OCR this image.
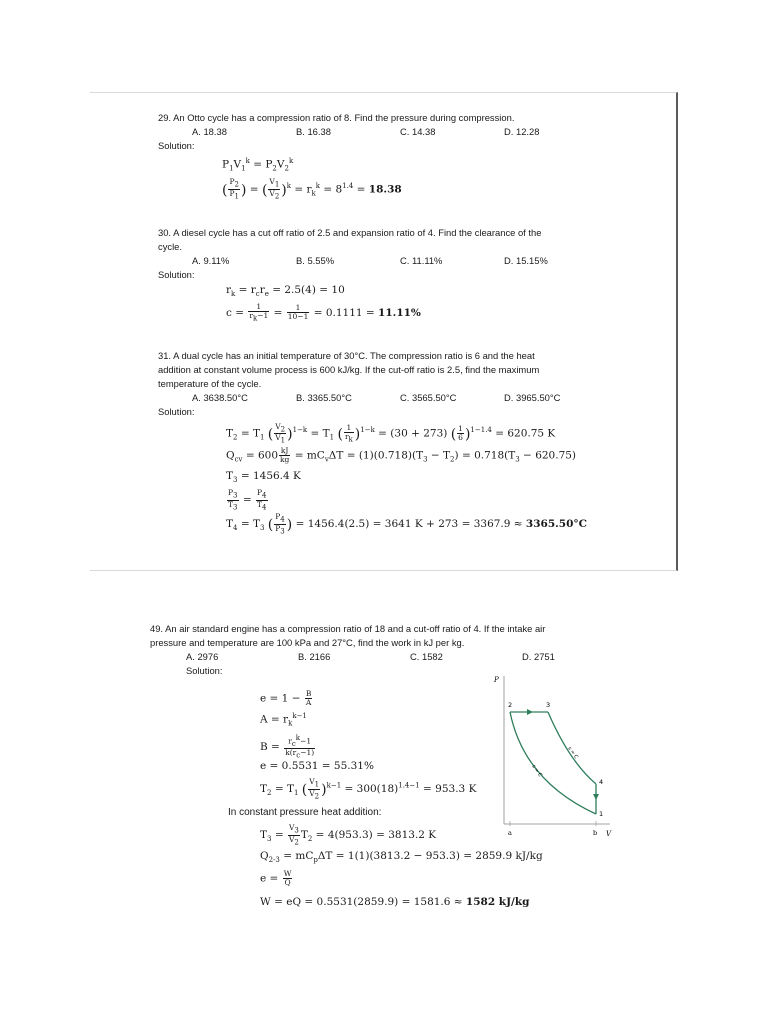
29. An Otto cycle has a compression ratio of 8. Find the pressure during compression.

A. 18.38	B. 16.38	C. 14.38	D. 12.28

Solution:

$P_1V_1^k = P_2V_2^k$
( $\frac{P_2}{P_1}$ ) = ( $\frac{V_1}{V_2} )^k = r_k^k = 8^{1.4} = 18.38$

30. A diesel cycle has a cut off ratio of 2.5 and expansion ratio of 4. Find the clearance of the

cycle.

A. 9.11%	B. 5.55%	C. 11.11%	D. 15.15%

Solution:

$r_k = r_cr_e = 2.5(4) = 10$
$c = \frac{1}{r_k-1} = \frac{1}{10-1} = 0.1111 = 11.11\%$

31. A dual cycle has an initial temperature of 30°C. The compression ratio is 6 and the heat

addition at constant volume process is 600 kJ/kg. If the cut-off ratio is 2.5, find the maximum

temperature of the cycle.

A. 3638.50°C	B. 3365.50°C	C. 3565.50°C	D. 3965.50°C

Solution:

$T_2 = T_1$ ( $\frac{V_2}{V_1} )^{1-k} = T_1$ ( $\frac{1}{r_k} )^{1-k} = (30 + 273)$ ( $\frac{1}{6} )^{1-1.4} = 620.75$ K
$Q_{cv} = 600 \frac{kJ}{kg} = mC_v\Delta T = (1)(0.718)(T_3 - T_2) = 0.718(T_3 - 620.75)$
$T_3 = 1456.4$ K
$\frac{P_3}{T_3} = \frac{P_4}{T_4}$
$T_4 = T_3$ ( $\frac{P_4}{P_3}$ ) = 1456.4(2.5) = 3641 K + 273 = 3367.9 ≈ 3365.50°C

49. An air standard engine has a compression ratio of 18 and a cut-off ratio of 4. If the intake air

pressure and temperature are 100 kPa and 27°C, find the work in kJ per kg.

A. 2976	B. 2166	C. 1582	D. 2751

Solution:

$e = 1 - \frac{B}{A}$
$A = r_k^{k-1}$
$B = \frac{r_c^k-1}{k(r_c-1)}$
e = 0.5531 = 55.31%
$T_2 = T_1$ ( $\frac{V_1}{V_2} )^{k-1} = 300(18)^{1.4-1} = 953.3$ K
In constant pressure heat addition:
$T_3 = \frac{V_3}{V_2} T_2 = 4(953.3) = 3813.2$ K
$Q_{2-3} = mC_p\Delta T = 1(1)(3813.2 - 953.3) = 2859.9$ kJ/kg
$e = \frac{W}{Q}$
W = eQ = 0.5531(2859.9) = 1581.6 ≈ 1582 kJ/kg
P
V
2	3
4
1
s = C
s = C
a	b
